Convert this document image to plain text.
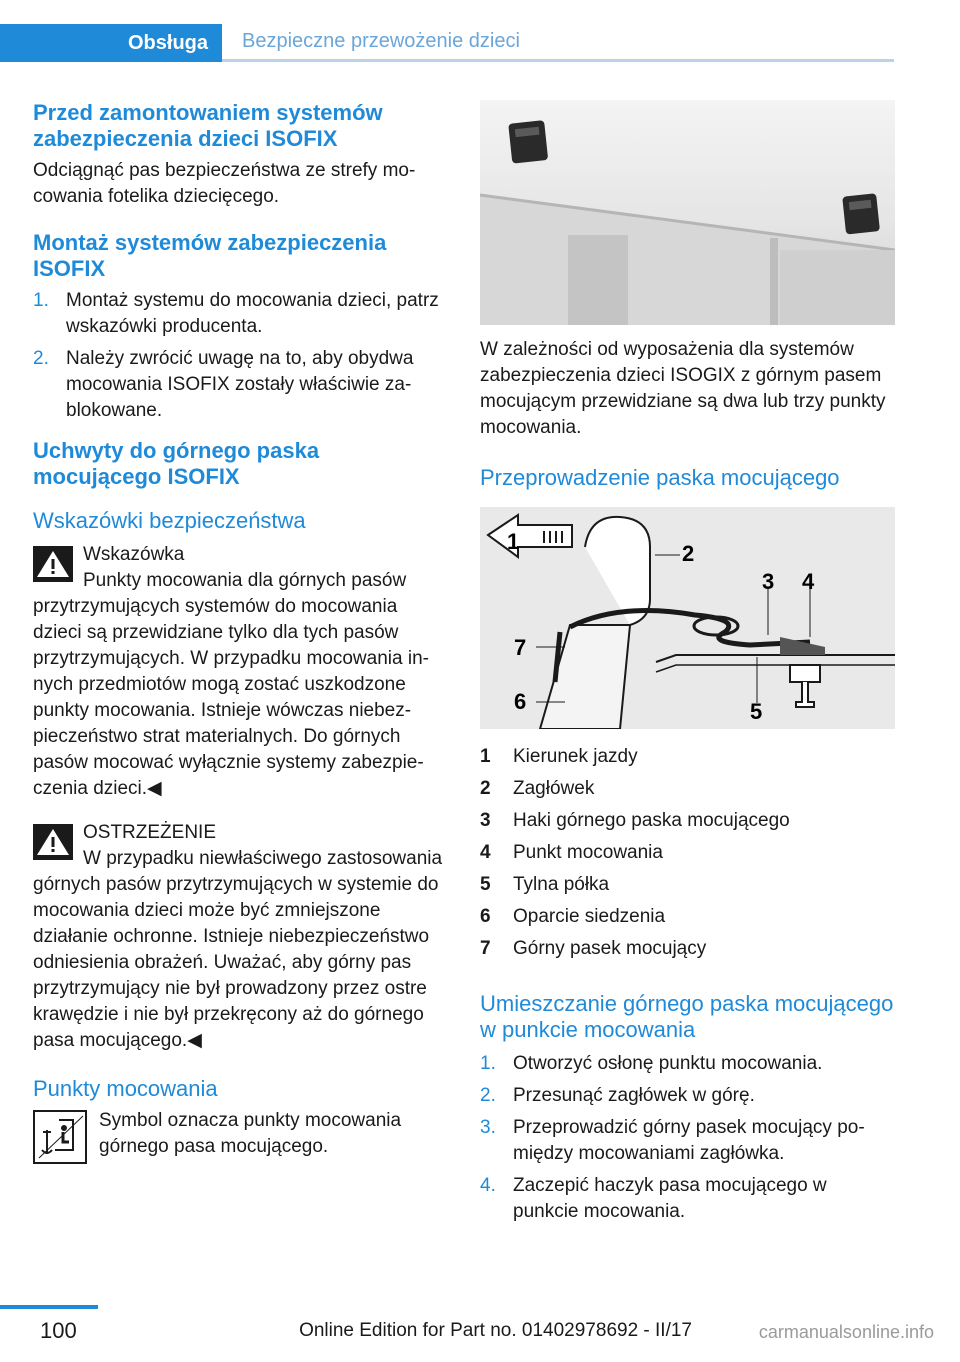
Obsługa	Bezpieczne przewożenie dzieci
Przed zamontowaniem systemów zabezpieczenia dzieci ISOFIX

Odciągnąć pas bezpieczeństwa ze strefy mocowania fotelika dziecięcego.

Montaż systemów zabezpieczenia ISOFIX
1. Montaż systemu do mocowania dzieci, patrz wskazówki producenta.
2. Należy zwrócić uwagę na to, aby obydwa mocowania ISOFIX zostały właściwie zablokowane.
Uchwyty do górnego paska mocującego ISOFIX
Wskazówki bezpieczeństwa

Wskazówka

Punkty mocowania dla górnych pasów przytrzymujących systemów do mocowania dzieci są przewidziane tylko dla tych pasów przytrzymujących. W przypadku mocowania innych przedmiotów mogą zostać uszkodzone punkty mocowania. Istnieje wówczas niebezpieczeństwo strat materialnych. Do górnych pasów mocować wyłącznie systemy zabezpieczenia dzieci.◀

OSTRZEŻENIE

W przypadku niewłaściwego zastosowania górnych pasów przytrzymujących w systemie do mocowania dzieci może być zmniejszone działanie ochronne. Istnieje niebezpieczeństwo odniesienia obrażeń. Uważać, aby górny pas przytrzymujący nie był prowadzony przez ostre krawędzie i nie był przekręcony aż do górnego pasa mocującego.◀

Punkty mocowania

Symbol oznacza punkty mocowania górnego pasa mocującego.

W zależności od wyposażenia dla systemów zabezpieczenia dzieci ISOGIX z górnym pasem mocującym przewidziane są dwa lub trzy punkty mocowania.

Przeprowadzenie paska mocującego
1	2
3 4
5
6
7
1	Kierunek jazdy
2	Zagłówek
3	Haki górnego paska mocującego
4	Punkt mocowania
5	Tylna półka
6	Oparcie siedzenia
7	Górny pasek mocujący
Umieszczanie górnego paska mocującego w punkcie mocowania
1. Otworzyć osłonę punktu mocowania.
2. Przesunąć zagłówek w górę.
3. Przeprowadzić górny pasek mocujący pomiędzy mocowaniami zagłówka.
4. Zaczepić haczyk pasa mocującego w punkcie mocowania.
100	Online Edition for Part no. 01402978692 - II/17	carmanualsonline.info
